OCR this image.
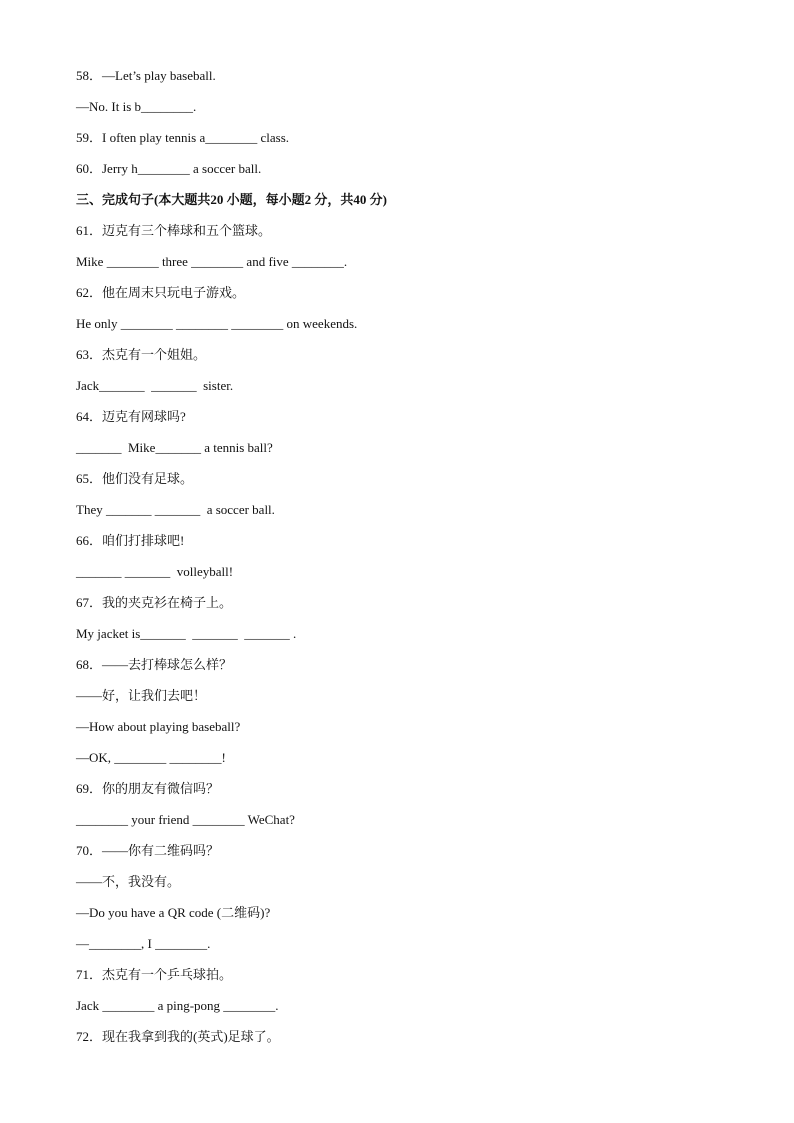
58．—Let’s play baseball.
—No. It is b________.
59．I often play tennis a________ class.
60．Jerry h________ a soccer ball.
三、完成句子(本大题共20 小题，每小题2 分，共40 分)
61．迈克有三个棒球和五个篮球。
Mike ________ three ________ and five ________.
62．他在周末只玩电子游戏。
He only ________ ________ ________ on weekends.
63．杰克有一个姐姐。
Jack_______  _______  sister.
64．迈克有网球吗?
_______  Mike_______ a tennis ball?
65．他们没有足球。
They _______ _______  a soccer ball.
66．咱们打排球吧!
_______ _______  volleyball!
67．我的夹克衫在椅子上。
My jacket is_______  _______  _______ .
68．——去打棒球怎么样？
——好，让我们去吧！
—How about playing baseball?
—OK, ________ ________!
69．你的朋友有微信吗？
________ your friend ________ WeChat?
70．——你有二维码吗？
——不，我没有。
—Do you have a QR code (二维码)?
—________, I ________.
71．杰克有一个乒乓球拍。
Jack ________ a ping-pong ________.
72．现在我拿到我的(英式)足球了。
